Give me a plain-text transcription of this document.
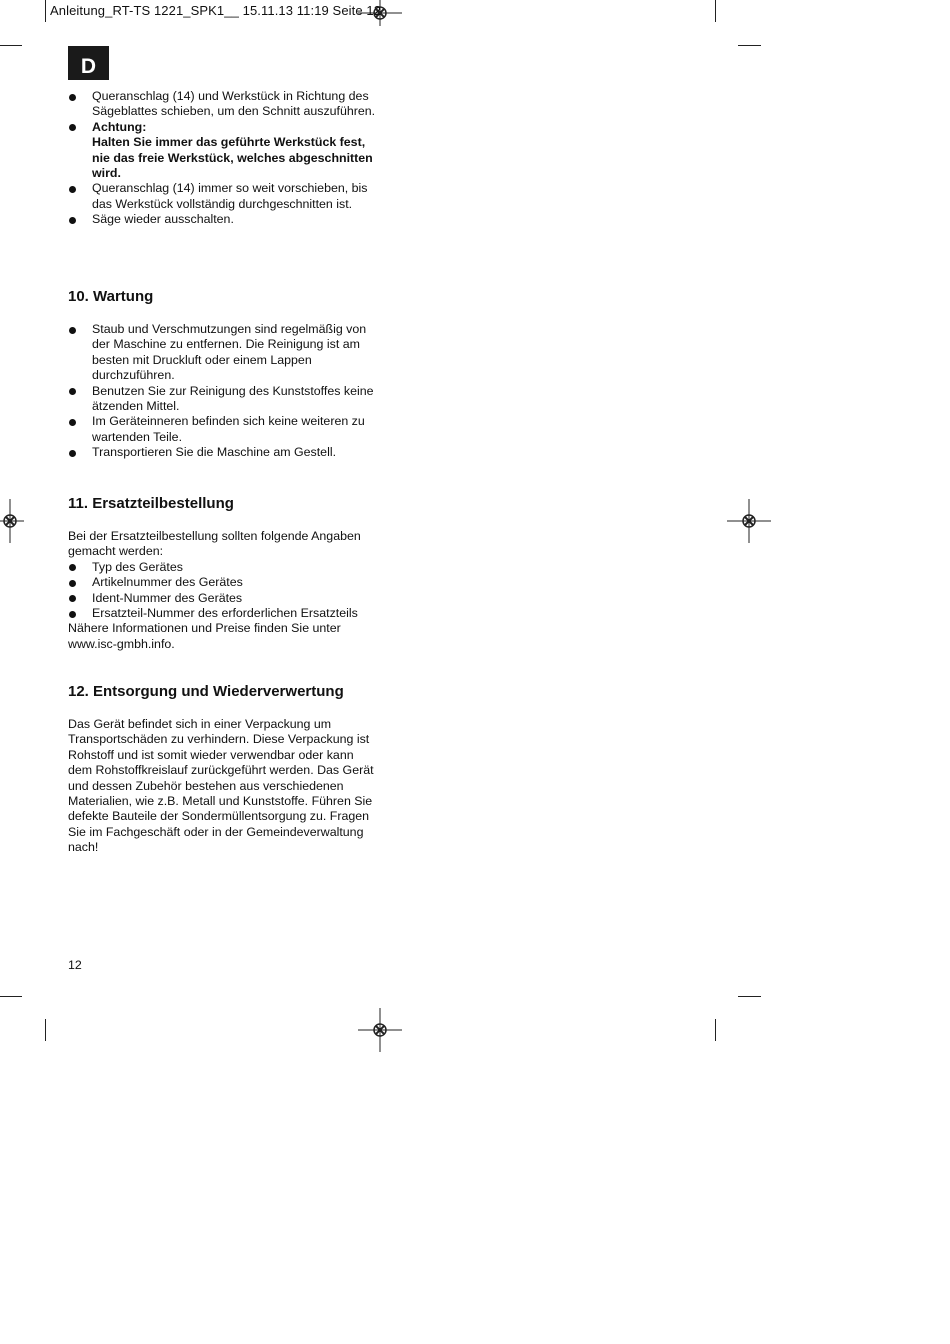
Anleitung_RT-TS 1221_SPK1__ 15.11.13 11:19 Seite 12
D
Queranschlag (14) und Werkstück in Richtung des Sägeblattes schieben, um den Schnitt auszuführen.
Achtung:
Halten Sie immer das geführte Werkstück fest, nie das freie Werkstück, welches abgeschnitten wird.
Queranschlag (14) immer so weit vorschieben, bis das Werkstück vollständig durchgeschnitten ist.
Säge wieder ausschalten.
10. Wartung
Staub und Verschmutzungen sind regelmäßig von der Maschine zu entfernen. Die Reinigung ist am besten mit Druckluft oder einem Lappen durchzuführen.
Benutzen Sie zur Reinigung des Kunststoffes keine ätzenden Mittel.
Im Geräteinneren befinden sich keine weiteren zu wartenden Teile.
Transportieren Sie die Maschine am Gestell.
11. Ersatzteilbestellung
Bei der Ersatzteilbestellung sollten folgende Angaben gemacht werden:
Typ des Gerätes
Artikelnummer des Gerätes
Ident-Nummer des Gerätes
Ersatzteil-Nummer des erforderlichen Ersatzteils
Nähere Informationen und Preise finden Sie unter www.isc-gmbh.info.
12. Entsorgung und Wiederverwertung
Das Gerät befindet sich in einer Verpackung um Transportschäden zu verhindern. Diese Verpackung ist Rohstoff und ist somit wieder verwendbar oder kann dem Rohstoffkreislauf zurückgeführt werden. Das Gerät und dessen Zubehör bestehen aus verschiedenen Materialien, wie z.B. Metall und Kunststoffe. Führen Sie defekte Bauteile der Sondermüllentsorgung zu. Fragen Sie im Fachgeschäft oder in der Gemeindeverwaltung nach!
12
